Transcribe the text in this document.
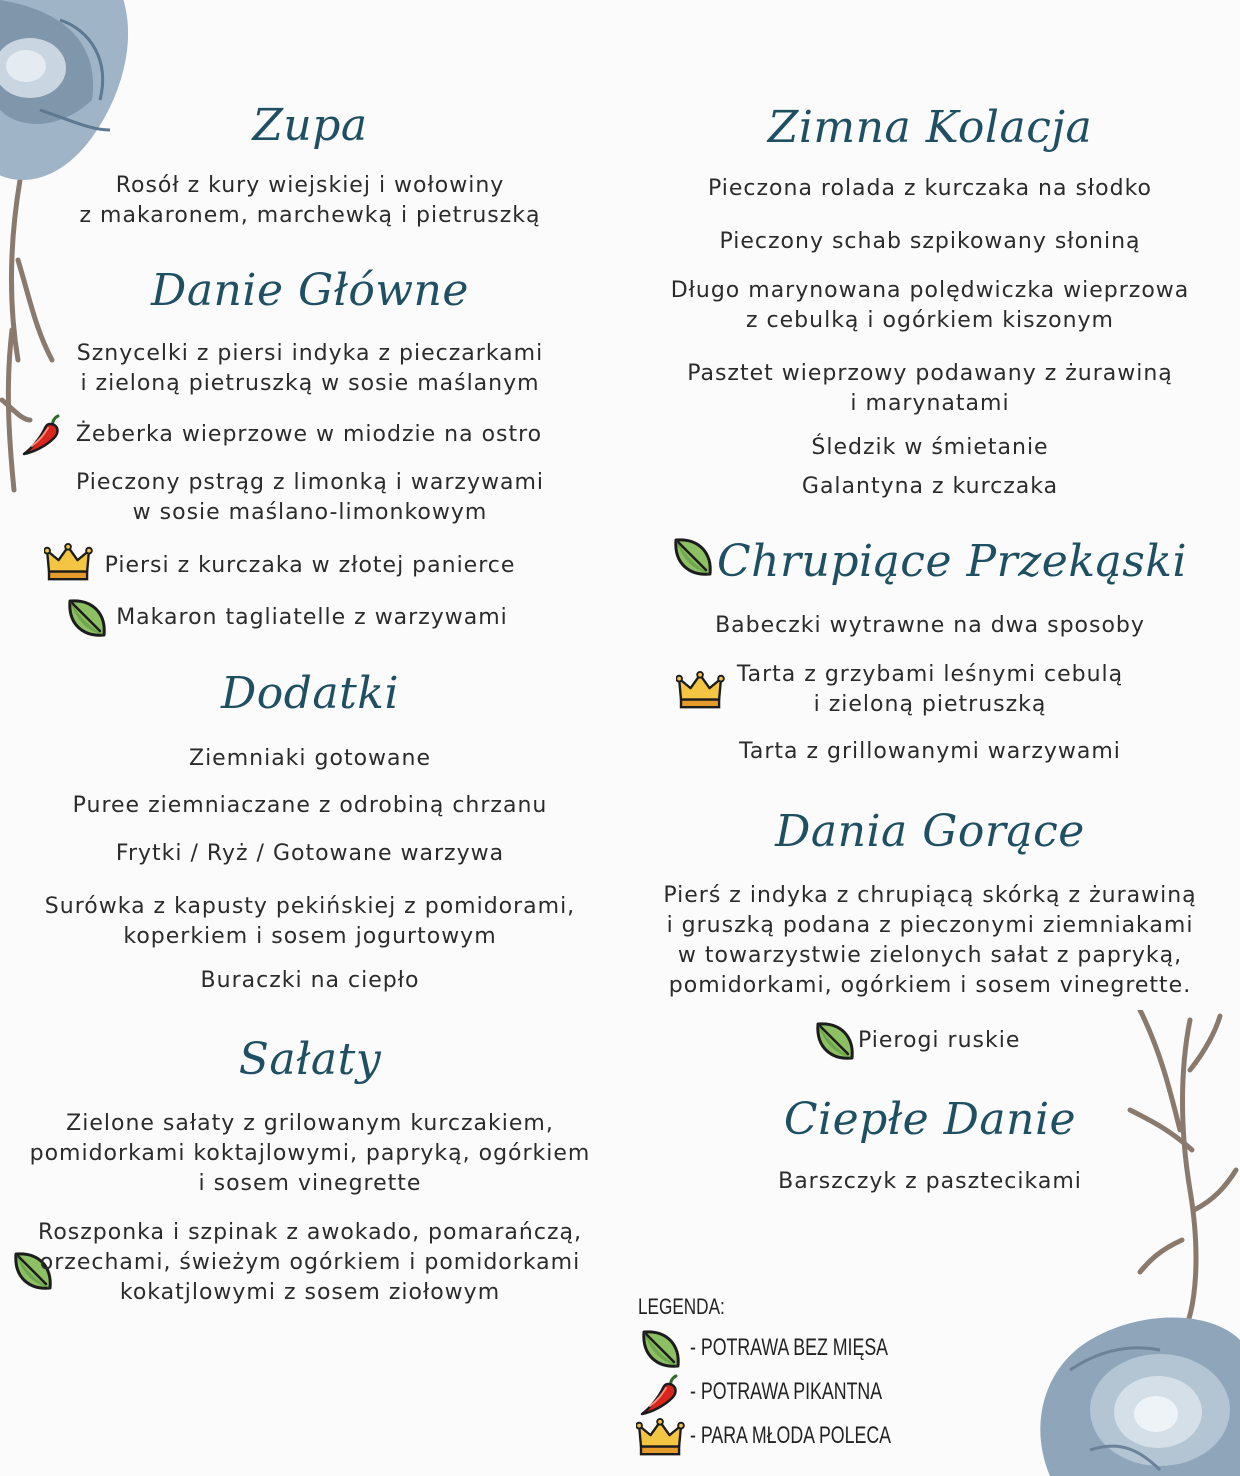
Zupa
Rosół z kury wiejskiej i wołowiny
z makaronem, marchewką i pietruszką
Danie Główne
Sznycelki z piersi indyka z pieczarkami
i zieloną pietruszką w sosie maślanym
Żeberka wieprzowe w miodzie na ostro
Pieczony pstrąg z limonką i warzywami
w sosie maślano-limonkowym
Piersi z kurczaka w złotej panierce
Makaron tagliatelle z warzywami
Dodatki
Ziemniaki gotowane
Puree ziemniaczane z odrobiną chrzanu
Frytki / Ryż / Gotowane warzywa
Surówka z kapusty pekińskiej z pomidorami,
koperkiem i sosem jogurtowym
Buraczki na ciepło
Sałaty
Zielone sałaty z grilowanym kurczakiem,
pomidorkami koktajlowymi, papryką, ogórkiem
i sosem vinegrette
Roszponka i szpinak z awokado, pomarańczą,
orzechami, świeżym ogórkiem i pomidorkami
kokatjlowymi z sosem ziołowym
Zimna Kolacja
Pieczona rolada z kurczaka na słodko
Pieczony schab szpikowany słoniną
Długo marynowana polędwiczka wieprzowa
z cebulką i ogórkiem kiszonym
Pasztet wieprzowy podawany z żurawiną
i marynatami
Śledzik w śmietanie
Galantyna z kurczaka
Chrupiące Przekąski
Babeczki wytrawne na dwa sposoby
Tarta z grzybami leśnymi cebulą
i zieloną pietruszką
Tarta z grillowanymi warzywami
Dania Gorące
Pierś z indyka z chrupiącą skórką z żurawiną
i gruszką podana z pieczonymi ziemniakami
w towarzystwie zielonych sałat z papryką,
pomidorkami, ogórkiem i sosem vinegrette.
Pierogi ruskie
Ciepłe Danie
Barszczyk z pasztecikami
LEGENDA:
- POTRAWA BEZ MIĘSA
- POTRAWA PIKANTNA
- PARA MŁODA POLECA
